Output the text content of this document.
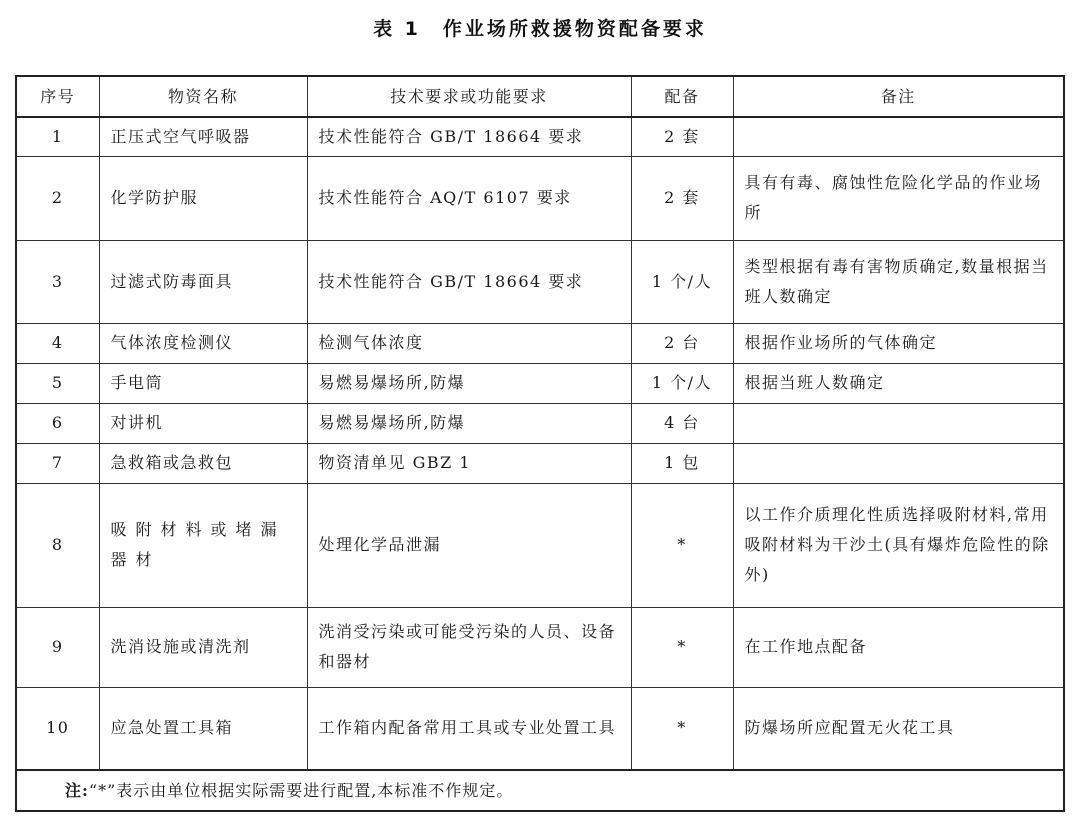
表 1 作业场所救援物资配备要求
序号	物资名称	技术要求或功能要求	配备	备注
1	正压式空气呼吸器	技术性能符合 GB/T 18664 要求	2 套	
2	化学防护服	技术性能符合 AQ/T 6107 要求	2 套	具有有毒、腐蚀性危险化学品的作业场所
3	过滤式防毒面具	技术性能符合 GB/T 18664 要求	1 个/人	类型根据有毒有害物质确定,数量根据当班人数确定
4	气体浓度检测仪	检测气体浓度	2 台	根据作业场所的气体确定
5	手电筒	易燃易爆场所,防爆	1 个/人	根据当班人数确定
6	对讲机	易燃易爆场所,防爆	4 台	
7	急救箱或急救包	物资清单见 GBZ 1	1 包	
8	吸附材料或堵漏器材	处理化学品泄漏	*	以工作介质理化性质选择吸附材料,常用吸附材料为干沙土(具有爆炸危险性的除外)
9	洗消设施或清洗剂	洗消受污染或可能受污染的人员、设备和器材	*	在工作地点配备
10	应急处置工具箱	工作箱内配备常用工具或专业处置工具	*	防爆场所应配置无火花工具
注:“*”表示由单位根据实际需要进行配置,本标准不作规定。				
